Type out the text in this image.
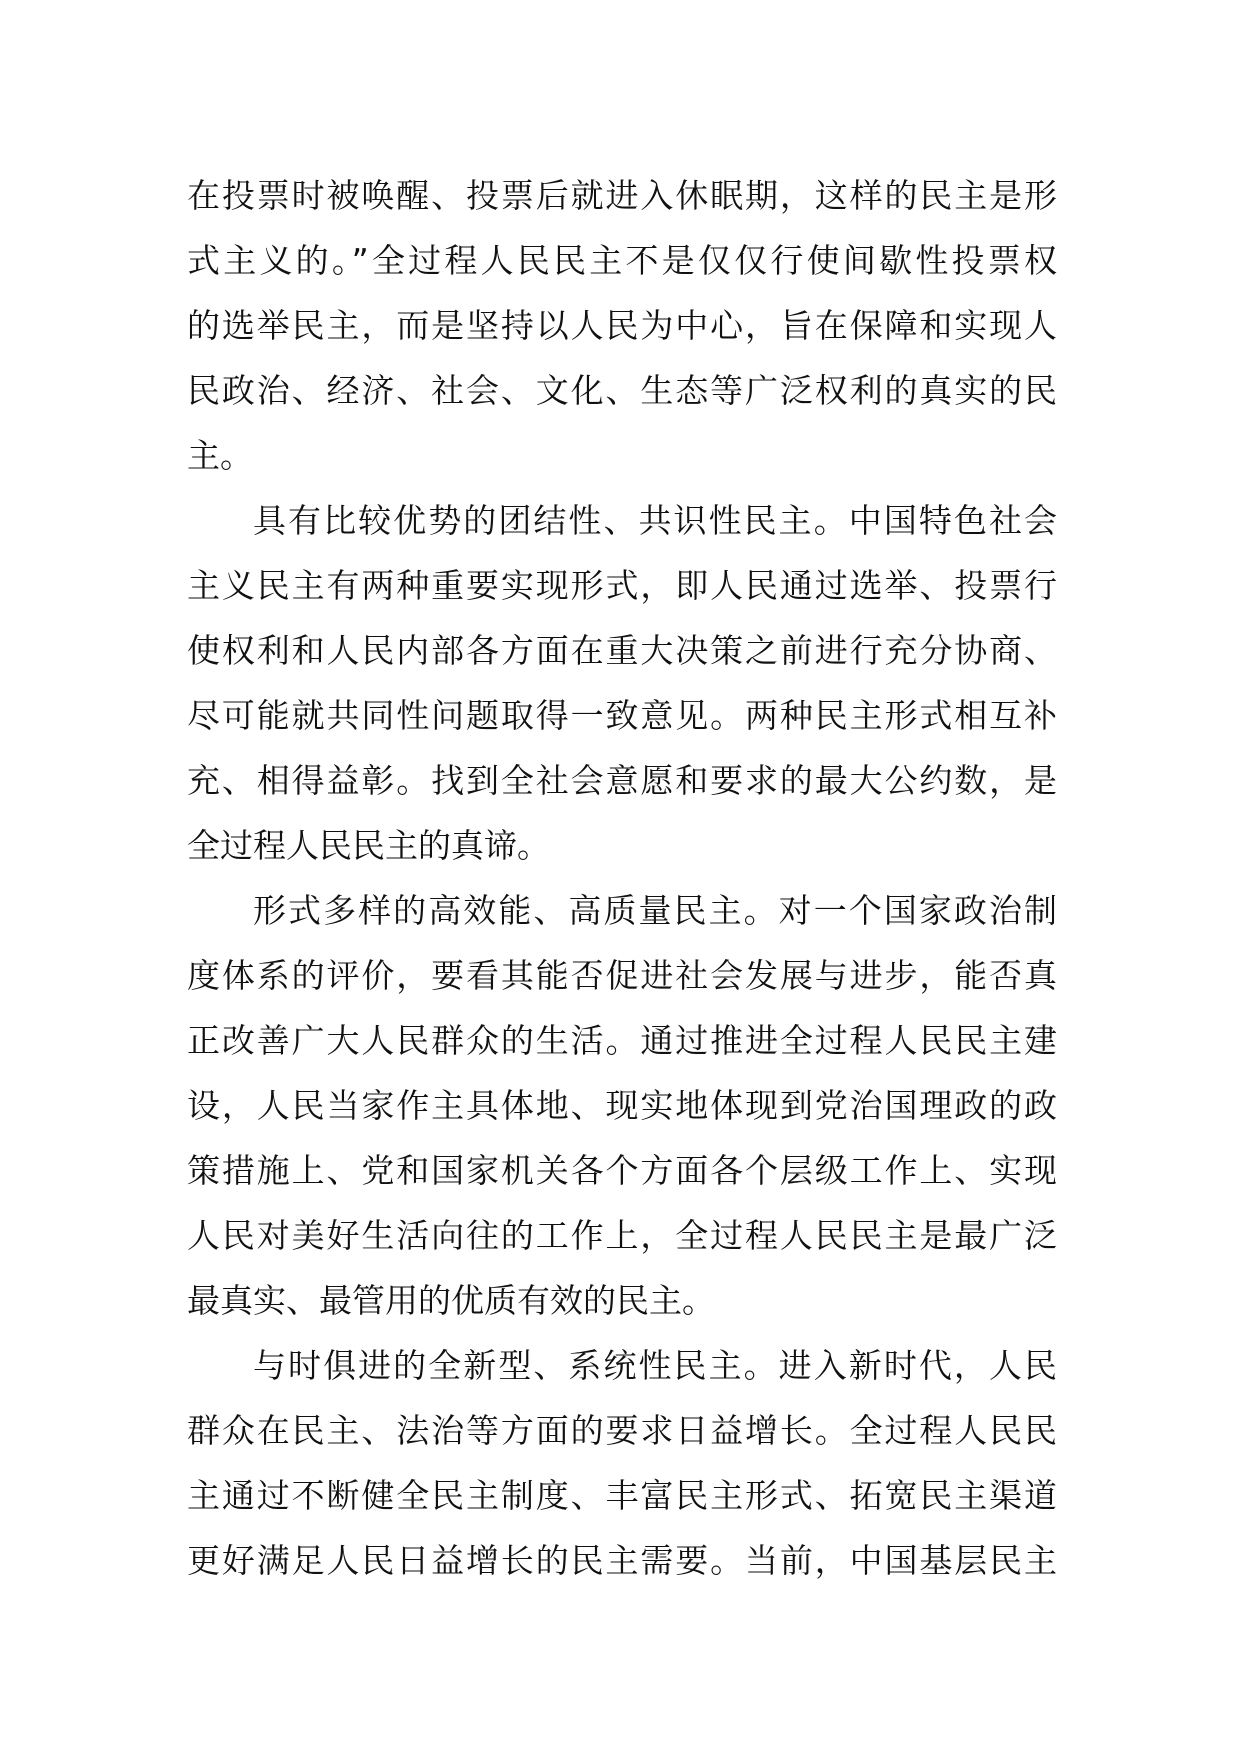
在投票时被唤醒、投票后就进入休眠期，这样的民主是形
式主义的。”全过程人民民主不是仅仅行使间歇性投票权
的选举民主，而是坚持以人民为中心，旨在保障和实现人
民政治、经济、社会、文化、生态等广泛权利的真实的民
主。
具有比较优势的团结性、共识性民主。中国特色社会
主义民主有两种重要实现形式，即人民通过选举、投票行
使权利和人民内部各方面在重大决策之前进行充分协商、
尽可能就共同性问题取得一致意见。两种民主形式相互补
充、相得益彰。找到全社会意愿和要求的最大公约数，是
全过程人民民主的真谛。
形式多样的高效能、高质量民主。对一个国家政治制
度体系的评价，要看其能否促进社会发展与进步，能否真
正改善广大人民群众的生活。通过推进全过程人民民主建
设，人民当家作主具体地、现实地体现到党治国理政的政
策措施上、党和国家机关各个方面各个层级工作上、实现
人民对美好生活向往的工作上，全过程人民民主是最广泛
最真实、最管用的优质有效的民主。
与时俱进的全新型、系统性民主。进入新时代，人民
群众在民主、法治等方面的要求日益增长。全过程人民民
主通过不断健全民主制度、丰富民主形式、拓宽民主渠道
更好满足人民日益增长的民主需要。当前，中国基层民主
